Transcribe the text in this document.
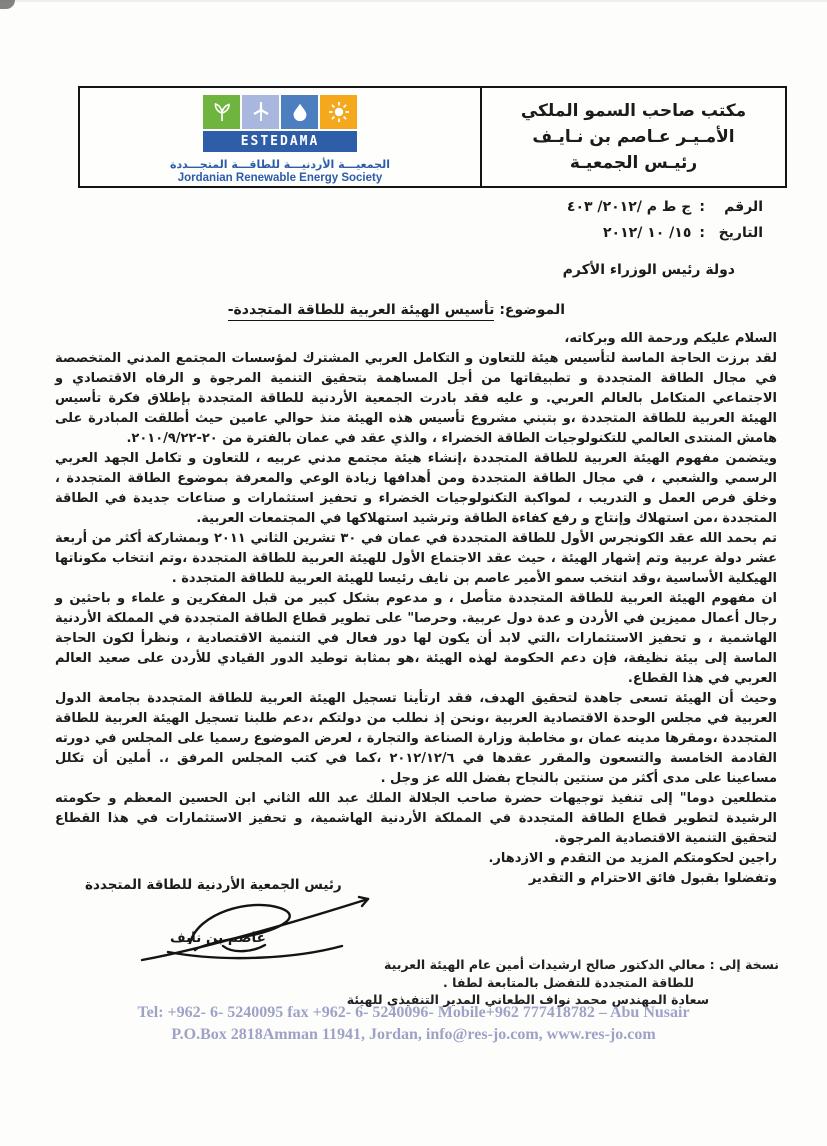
مكتب صاحب السمو الملكي
الأمـيـر عـاصم بن نـايـف
رئيـس الجمعيـة
ESTEDAMA
الجمعيـــة الأردنيـــة للطاقـــة المتجـــددة
Jordanian Renewable Energy Society
الرقم:ج ط م /٢٠١٢/ ٤٠٣
التاريخ:١٥/ ١٠ /٢٠١٢
دولة رئيس الوزراء الأكرم
الموضوع: تأسيس الهيئة العربية للطاقة المتجددة-

السلام عليكم ورحمة الله وبركاته،

لقد برزت الحاجة الماسة لتأسيس هيئة للتعاون و التكامل العربي المشترك لمؤسسات المجتمع المدني المتخصصة في مجال الطاقة المتجددة و تطبيقاتها من أجل المساهمة بتحقيق التنمية المرجوة و الرفاه الاقتصادي و الاجتماعي المتكامل بالعالم العربي. و عليه فقد بادرت الجمعية الأردنية للطاقة المتجددة بإطلاق فكرة تأسيس الهيئة العربية للطاقة المتجددة ،و بتبني مشروع تأسيس هذه الهيئة منذ حوالي عامين حيث أطلقت المبادرة على هامش المنتدى العالمي للتكنولوجيات الطاقة الخضراء ، والذي عقد في عمان بالفترة من ٢٠-٢٠١٠/٩/٢٢.

ويتضمن مفهوم الهيئة العربية للطاقة المتجددة ،إنشاء هيئة مجتمع مدني عربيه ، للتعاون و تكامل الجهد العربي الرسمي والشعبي ، في مجال الطاقة المتجددة ومن أهدافها زيادة الوعي والمعرفة بموضوع الطاقة المتجددة ، وخلق فرص العمل و التدريب ، لمواكبة التكنولوجيات الخضراء و تحفيز استثمارات و صناعات جديدة في الطاقة المتجددة ،من استهلاك وإنتاج و رفع كفاءة الطاقة وترشيد استهلاكها في المجتمعات العربية.

تم بحمد الله عقد الكونجرس الأول للطاقة المتجددة في عمان في ٣٠ تشرين الثاني ٢٠١١ وبمشاركة أكثر من أربعة عشر دولة عربية وتم إشهار الهيئة ، حيث عقد الاجتماع الأول للهيئة العربية للطاقة المتجددة ،وتم انتخاب مكوناتها الهيكلية الأساسية ،وقد انتخب سمو الأمير عاصم بن نايف رئيسا للهيئة العربية للطاقة المتجددة .

ان مفهوم الهيئة العربية للطاقة المتجددة متأصل ، و مدعوم بشكل كبير من قبل المفكرين و علماء و باحثين و رجال أعمال مميزين في الأردن و عدة دول عربية. وحرصا" على تطوير قطاع الطاقة المتجددة في المملكة الأردنية الهاشمية ، و تحفيز الاستثمارات ،التي لابد أن يكون لها دور فعال في التنمية الاقتصادية ، ونظرأ لكون الحاجة الماسة إلى بيئة نظيفة، فإن دعم الحكومة لهذه الهيئة ،هو بمثابة توطيد الدور القيادي للأردن على صعيد العالم العربي في هذا القطاع.

وحيث أن الهيئة تسعى جاهدة لتحقيق الهدف، فقد ارتأينا تسجيل الهيئة العربية للطاقة المتجددة بجامعة الدول العربية في مجلس الوحدة الاقتصادية العربية ،ونحن إذ نطلب من دولتكم ،دعم طلبنا تسجيل الهيئة العربية للطاقة المتجددة ،ومقرها مدينه عمان ،و مخاطبة وزارة الصناعة والتجارة ، لعرض الموضوع رسميا على المجلس في دورته القادمة الخامسة والتسعون والمقرر عقدها في ٢٠١٢/١٢/٦ ،كما في كتب المجلس المرفق ،. أملين أن تكلل مساعينا على مدى أكثر من سنتين بالنجاح بفضل الله عز وجل .

متطلعين دوما" إلى تنفيذ توجيهات حضرة صاحب الجلالة الملك عبد الله الثاني ابن الحسين المعظم و حكومته الرشيدة لتطوير قطاع الطاقة المتجددة في المملكة الأردنية الهاشمية، و تحفيز الاستثمارات في هذا القطاع لتحقيق التنمية الاقتصادية المرجوة.

راجين لحكومتكم المزيد من التقدم و الازدهار.

وتفضلوا بقبول فائق الاحترام و التقدير

رئيس الجمعية الأردنية للطاقة المتجددة
عاصم بن نايف
نسخة إلى : معالي الدكتور صالح ارشيدات أمين عام الهيئة العربية
للطاقة المتجددة للتفضل بالمتابعة لطفا .
سعادة المهندس محمد نواف الطعاني المدير التنفيذي للهيئة
Tel: +962- 6- 5240095 fax +962- 6- 5240096- Mobile+962 777418782 – Abu Nusair
P.O.Box 2818Amman 11941, Jordan, info@res-jo.com, www.res-jo.com
